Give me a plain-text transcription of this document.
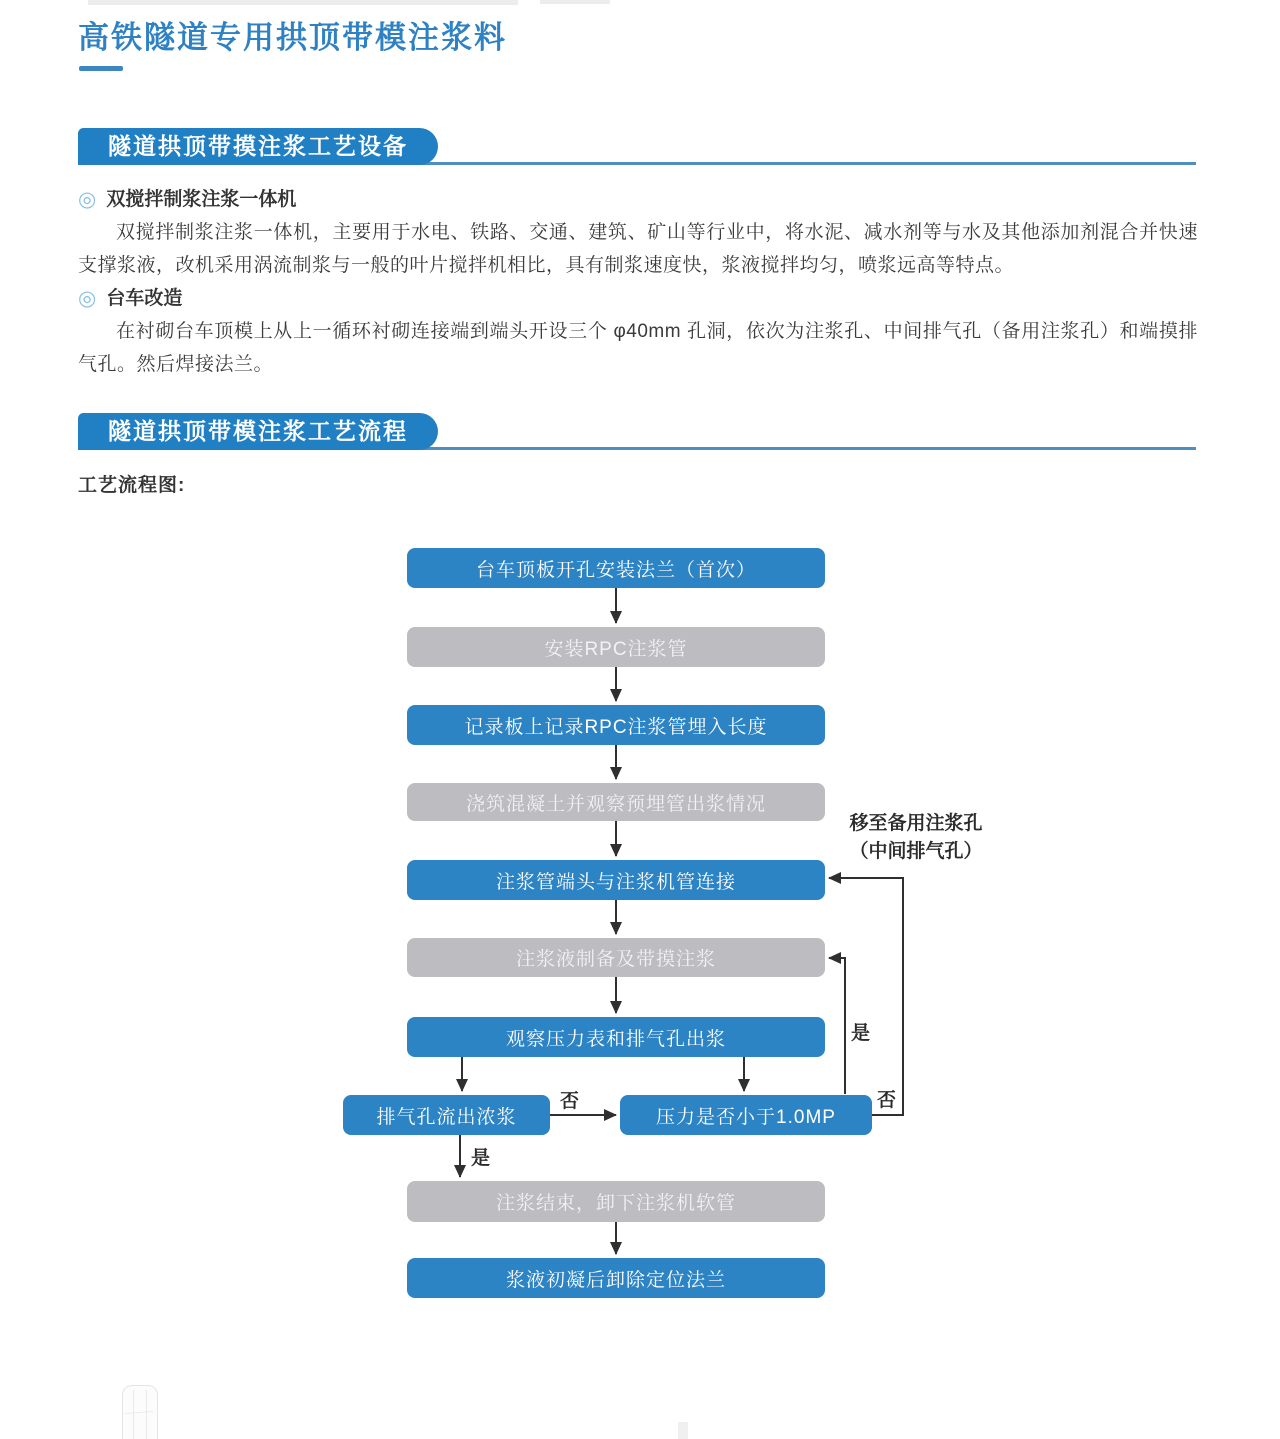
高铁隧道专用拱顶带模注浆料
隧道拱顶带摸注浆工艺设备
◎ 双搅拌制浆注浆一体机

双搅拌制浆注浆一体机，主要用于水电、铁路、交通、建筑、矿山等行业中，将水泥、减水剂等与水及其他添加剂混合并快速支撑浆液，改机采用涡流制浆与一般的叶片搅拌机相比，具有制浆速度快，浆液搅拌均匀，喷浆远高等特点。

◎ 台车改造

在衬砌台车顶模上从上一循环衬砌连接端到端头开设三个 φ40mm 孔洞，依次为注浆孔、中间排气孔（备用注浆孔）和端摸排气孔。然后焊接法兰。

隧道拱顶带模注浆工艺流程
工艺流程图:
台车顶板开孔安装法兰（首次）
安装RPC注浆管
记录板上记录RPC注浆管埋入长度
浇筑混凝土并观察预埋管出浆情况
注浆管端头与注浆机管连接
注浆液制备及带摸注浆
观察压力表和排气孔出浆
排气孔流出浓浆	压力是否小于1.0MP
注浆结束，卸下注浆机软管
浆液初凝后卸除定位法兰
否
是
是
否
移至备用注浆孔
（中间排气孔）
